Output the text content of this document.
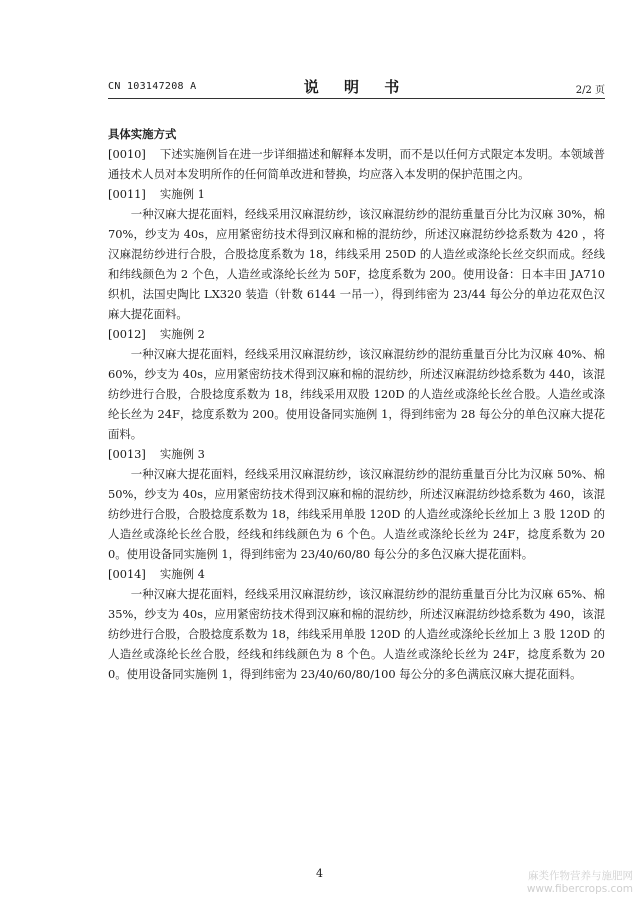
CN 103147208 A	说 明 书	2/2 页

具体实施方式

[0010] 下述实施例旨在进一步详细描述和解释本发明，而不是以任何方式限定本发明。本领域普通技术人员对本发明所作的任何简单改进和替换，均应落入本发明的保护范围之内。

[0011] 实施例 1

一种汉麻大提花面料，经线采用汉麻混纺纱，该汉麻混纺纱的混纺重量百分比为汉麻 30%，棉 70%，纱支为 40s，应用紧密纺技术得到汉麻和棉的混纺纱，所述汉麻混纺纱捻系数为 420 ，将汉麻混纺纱进行合股，合股捻度系数为 18，纬线采用 250D 的人造丝或涤纶长丝交织而成。经线和纬线颜色为 2 个色，人造丝或涤纶长丝为 50F，捻度系数为 200。使用设备：日本丰田 JA710 织机，法国史陶比 LX320 装造（针数 6144 一吊一），得到纬密为 23/44 每公分的单边花双色汉麻大提花面料。

[0012] 实施例 2

一种汉麻大提花面料，经线采用汉麻混纺纱，该汉麻混纺纱的混纺重量百分比为汉麻 40%、棉 60%，纱支为 40s，应用紧密纺技术得到汉麻和棉的混纺纱，所述汉麻混纺纱捻系数为 440，该混纺纱进行合股，合股捻度系数为 18，纬线采用双股 120D 的人造丝或涤纶长丝合股。人造丝或涤纶长丝为 24F，捻度系数为 200。使用设备同实施例 1，得到纬密为 28 每公分的单色汉麻大提花面料。

[0013] 实施例 3

一种汉麻大提花面料，经线采用汉麻混纺纱，该汉麻混纺纱的混纺重量百分比为汉麻 50%、棉 50%，纱支为 40s，应用紧密纺技术得到汉麻和棉的混纺纱，所述汉麻混纺纱捻系数为 460，该混纺纱进行合股，合股捻度系数为 18，纬线采用单股 120D 的人造丝或涤纶长丝加上 3 股 120D 的人造丝或涤纶长丝合股，经线和纬线颜色为 6 个色。人造丝或涤纶长丝为 24F，捻度系数为 200。使用设备同实施例 1，得到纬密为 23/40/60/80 每公分的多色汉麻大提花面料。

[0014] 实施例 4

一种汉麻大提花面料，经线采用汉麻混纺纱，该汉麻混纺纱的混纺重量百分比为汉麻 65%、棉 35%，纱支为 40s，应用紧密纺技术得到汉麻和棉的混纺纱，所述汉麻混纺纱捻系数为 490，该混纺纱进行合股，合股捻度系数为 18，纬线采用单股 120D 的人造丝或涤纶长丝加上 3 股 120D 的人造丝或涤纶长丝合股，经线和纬线颜色为 8 个色。人造丝或涤纶长丝为 24F，捻度系数为 200。使用设备同实施例 1，得到纬密为 23/40/60/80/100 每公分的多色满底汉麻大提花面料。

4	麻类作物营养与施肥网
www.fibercrops.com
